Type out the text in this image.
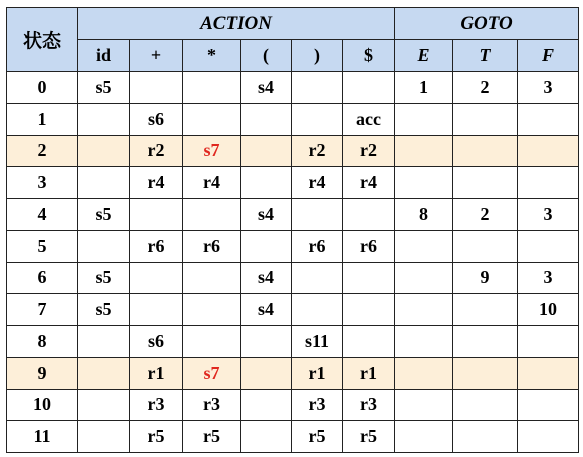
状态	ACTION						GOTO		
	id	+	*	(	)	$	E	T	F
0	s5			s4			1	2	3
1		s6				acc			
2		r2	s7		r2	r2			
3		r4	r4		r4	r4			
4	s5			s4			8	2	3
5		r6	r6		r6	r6			
6	s5			s4				9	3
7	s5			s4					10
8		s6			s11				
9		r1	s7		r1	r1			
10		r3	r3		r3	r3			
11		r5	r5		r5	r5			
